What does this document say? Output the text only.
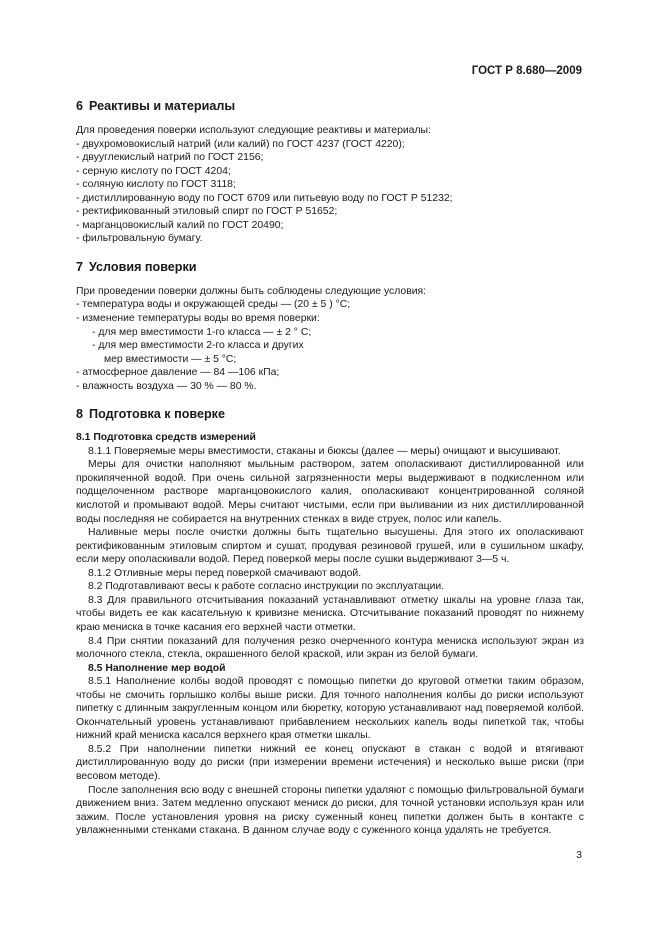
ГОСТ Р 8.680—2009
6 Реактивы и материалы

Для проведения поверки используют следующие реактивы и материалы:

- двухромовокислый натрий (или калий) по ГОСТ 4237 (ГОСТ 4220);
- двууглекислый натрий по ГОСТ 2156;
- серную кислоту по ГОСТ 4204;
- соляную кислоту по ГОСТ 3118;
- дистиллированную воду по ГОСТ 6709 или питьевую воду по ГОСТ Р 51232;
- ректификованный этиловый спирт по ГОСТ Р 51652;
- марганцовокислый калий по ГОСТ 20490;
- фильтровальную бумагу.
7 Условия поверки

При проведении поверки должны быть соблюдены следующие условия:

- температура воды и окружающей среды — (20 ± 5 ) °С;
- изменение температуры воды во время поверки:
- для мер вместимости 1-го класса — ± 2 ° С;
- для мер вместимости 2-го класса и других
мер вместимости — ± 5 °С;
- атмосферное давление — 84 —106 кПа;
- влажность воздуха — 30 % — 80 %.
8 Подготовка к поверке
8.1 Подготовка средств измерений

8.1.1 Поверяемые меры вместимости, стаканы и бюксы (далее — меры) очищают и высушивают.

Меры для очистки наполняют мыльным раствором, затем ополаскивают дистиллированной или прокипяченной водой. При очень сильной загрязненности меры выдерживают в подкисленном или подщелоченном растворе марганцовокислого калия, ополаскивают концентрированной соляной кислотой и промывают водой. Меры считают чистыми, если при выливании из них дистиллированной воды последняя не собирается на внутренних стенках в виде струек, полос или капель.

Наливные меры после очистки должны быть тщательно высушены. Для этого их ополаскивают ректификованным этиловым спиртом и сушат, продувая резиновой грушей, или в сушильном шкафу, если меру ополаскивали водой. Перед поверкой меры после сушки выдерживают 3—5 ч.

8.1.2 Отливные меры перед поверкой смачивают водой.

8.2 Подготавливают весы к работе согласно инструкции по эксплуатации.

8.3 Для правильного отсчитывания показаний устанавливают отметку шкалы на уровне глаза так, чтобы видеть ее как касательную к кривизне мениска. Отсчитывание показаний проводят по нижнему краю мениска в точке касания его верхней части отметки.

8.4 При снятии показаний для получения резко очерченного контура мениска используют экран из молочного стекла, стекла, окрашенного белой краской, или экран из белой бумаги.

8.5 Наполнение мер водой

8.5.1 Наполнение колбы водой проводят с помощью пипетки до круговой отметки таким образом, чтобы не смочить горлышко колбы выше риски. Для точного наполнения колбы до риски используют пипетку с длинным закругленным концом или бюретку, которую устанавливают над поверяемой колбой. Окончательный уровень устанавливают прибавлением нескольких капель воды пипеткой так, чтобы нижний край мениска касался верхнего края отметки шкалы.

8.5.2 При наполнении пипетки нижний ее конец опускают в стакан с водой и втягивают дистиллированную воду до риски (при измерении времени истечения) и несколько выше риски (при весовом методе).

После заполнения всю воду с внешней стороны пипетки удаляют с помощью фильтровальной бумаги движением вниз. Затем медленно опускают мениск до риски, для точной установки используя кран или зажим. После установления уровня на риску суженный конец пипетки должен быть в контакте с увлажненными стенками стакана. В данном случае воду с суженного конца удалять не требуется.

3
